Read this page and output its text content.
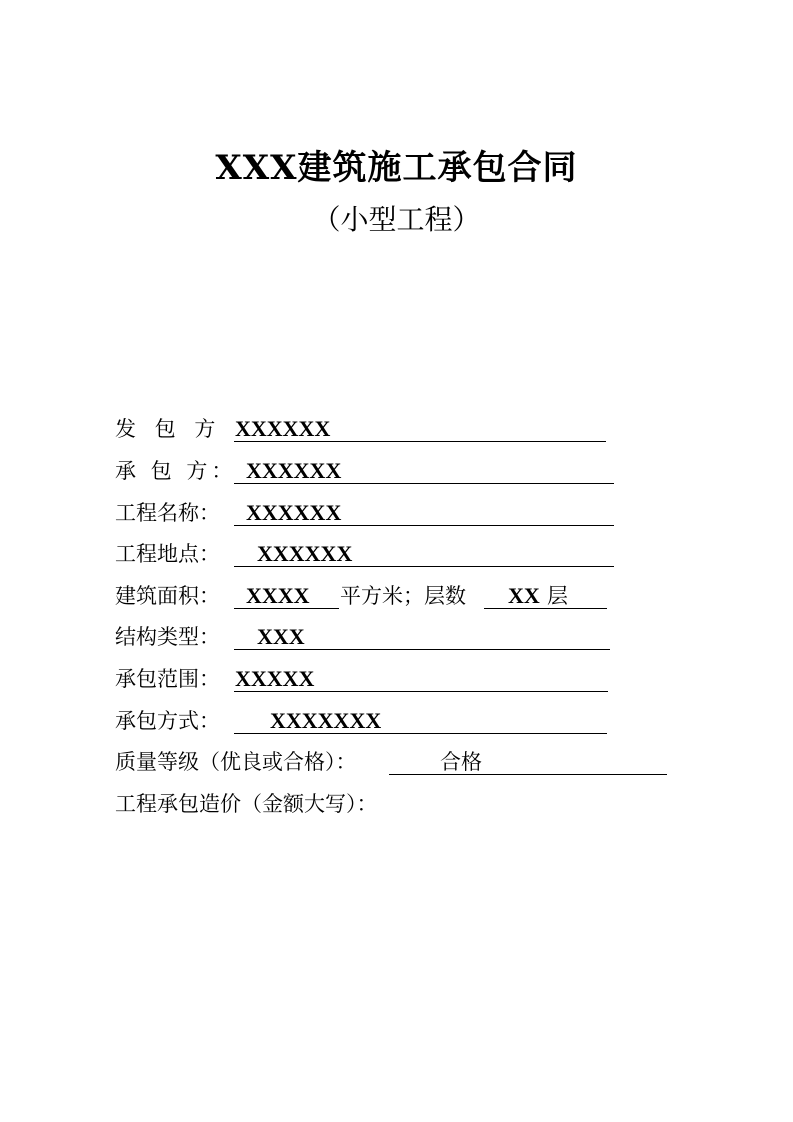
XXX建筑施工承包合同
（小型工程）
发 包 方 XXXXXX
承 包 方： XXXXXX
工程名称： XXXXXX
工程地点： XXXXXX
建筑面积： XXXX 平方米；层数 XX 层
结构类型： XXX
承包范围： XXXXX
承包方式： XXXXXXX
质量等级（优良或合格）：	合格
工程承包造价（金额大写）：
